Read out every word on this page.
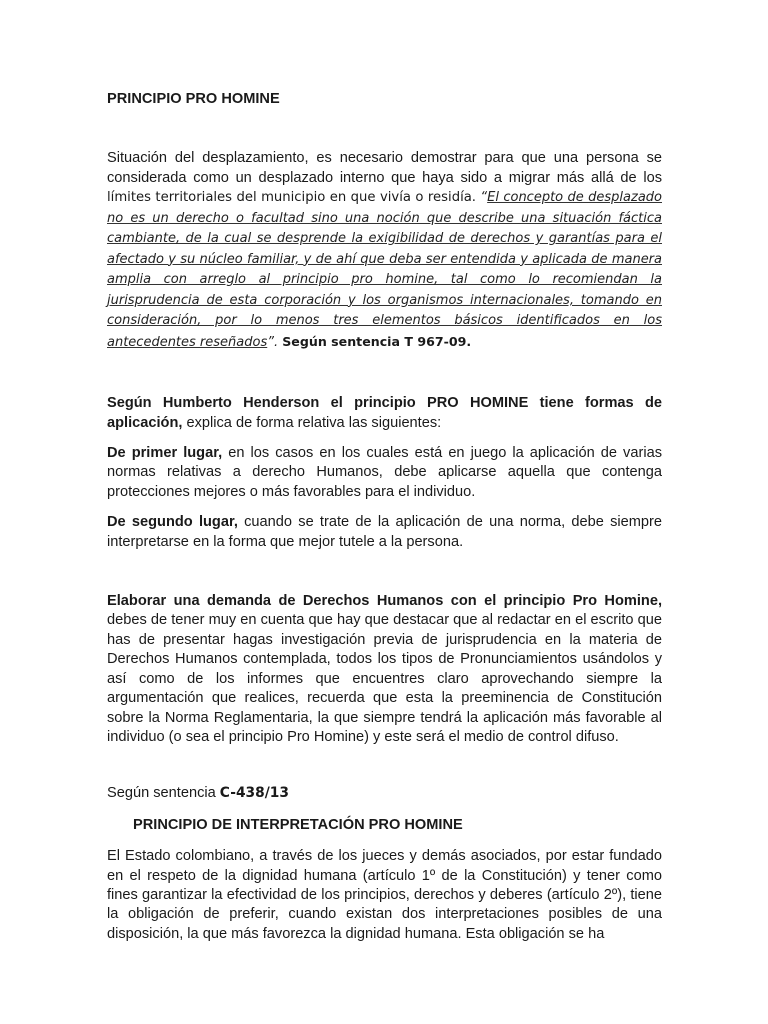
PRINCIPIO PRO HOMINE

Situación del desplazamiento, es necesario demostrar para que una persona se considerada como un desplazado interno que haya sido a migrar más allá de los límites territoriales del municipio en que vivía o residía. “El concepto de desplazado no es un derecho o facultad sino una noción que describe una situación fáctica cambiante, de la cual se desprende la exigibilidad de derechos y garantías para el afectado y su núcleo familiar, y de ahí que deba ser entendida y aplicada de manera amplia con arreglo al principio pro homine, tal como lo recomiendan la jurisprudencia de esta corporación y los organismos internacionales, tomando en consideración, por lo menos tres elementos básicos identificados en los antecedentes reseñados”. Según sentencia T 967-09.

Según Humberto Henderson el principio PRO HOMINE tiene formas de aplicación, explica de forma relativa las siguientes:

De primer lugar, en los casos en los cuales está en juego la aplicación de varias normas relativas a derecho Humanos, debe aplicarse aquella que contenga protecciones mejores o más favorables para el individuo.

De segundo lugar, cuando se trate de la aplicación de una norma, debe siempre interpretarse en la forma que mejor tutele a la persona.

Elaborar una demanda de Derechos Humanos con el principio Pro Homine, debes de tener muy en cuenta que hay que destacar que al redactar en el escrito que has de presentar hagas investigación previa de jurisprudencia en la materia de Derechos Humanos contemplada, todos los tipos de Pronunciamientos usándolos y así como de los informes que encuentres claro aprovechando siempre la argumentación que realices, recuerda que esta la preeminencia de Constitución sobre la Norma Reglamentaria, la que siempre tendrá la aplicación más favorable al individuo (o sea el principio Pro Homine) y este será el medio de control difuso.

Según sentencia C-438/13

PRINCIPIO DE INTERPRETACIÓN PRO HOMINE

El Estado colombiano, a través de los jueces y demás asociados, por estar fundado en el respeto de la dignidad humana (artículo 1º de la Constitución) y tener como fines garantizar la efectividad de los principios, derechos y deberes (artículo 2º), tiene la obligación de preferir, cuando existan dos interpretaciones posibles de una disposición, la que más favorezca la dignidad humana. Esta obligación se ha
